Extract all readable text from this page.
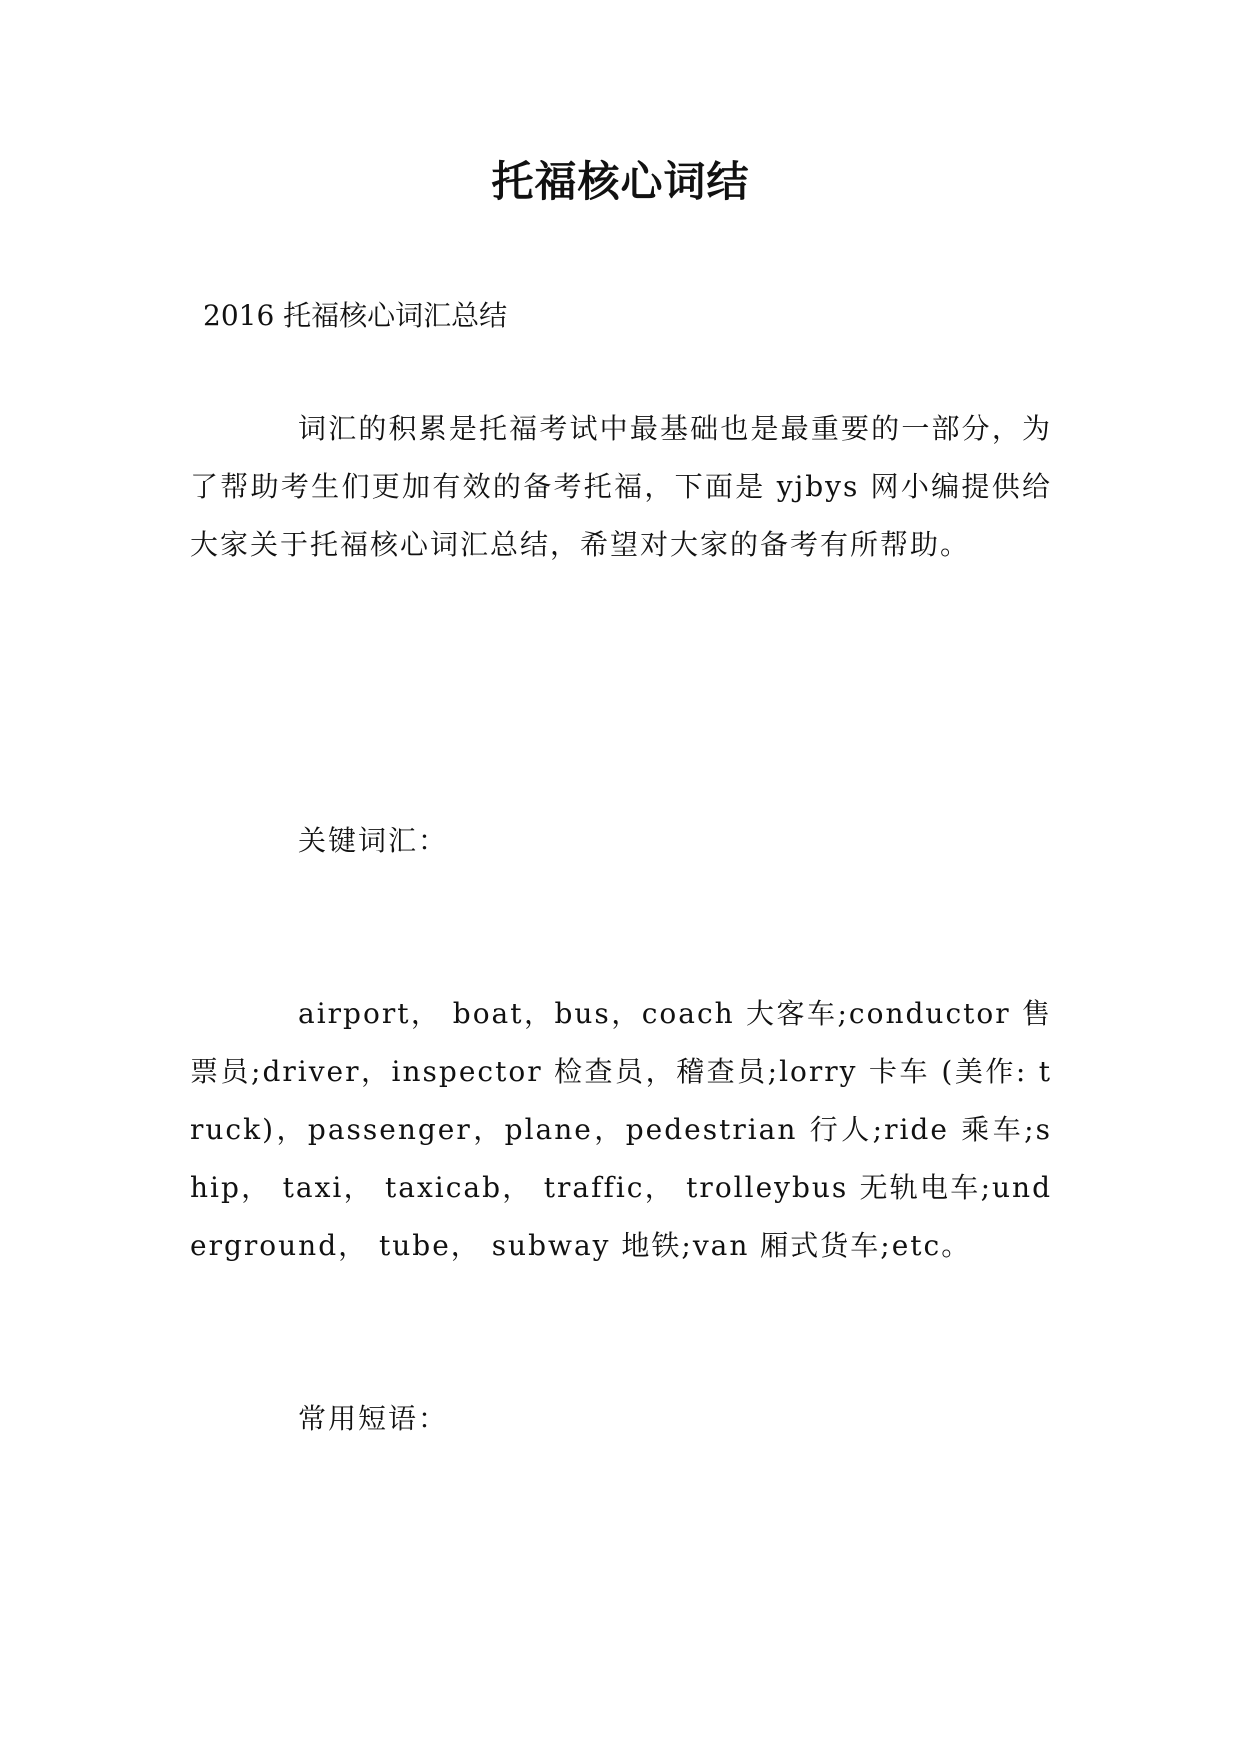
托福核心词结

2016 托福核心词汇总结

词汇的积累是托福考试中最基础也是最重要的一部分，为了帮助考生们更加有效的备考托福，下面是 yjbys 网小编提供给大家关于托福核心词汇总结，希望对大家的备考有所帮助。

关键词汇：

airport， boat，bus，coach 大客车;conductor 售票员;driver，inspector 检查员，稽查员;lorry 卡车 (美作: truck)，passenger，plane，pedestrian 行人;ride 乘车;ship， taxi， taxicab， traffic， trolleybus 无轨电车;underground， tube， subway 地铁;van 厢式货车;etc。

常用短语：
